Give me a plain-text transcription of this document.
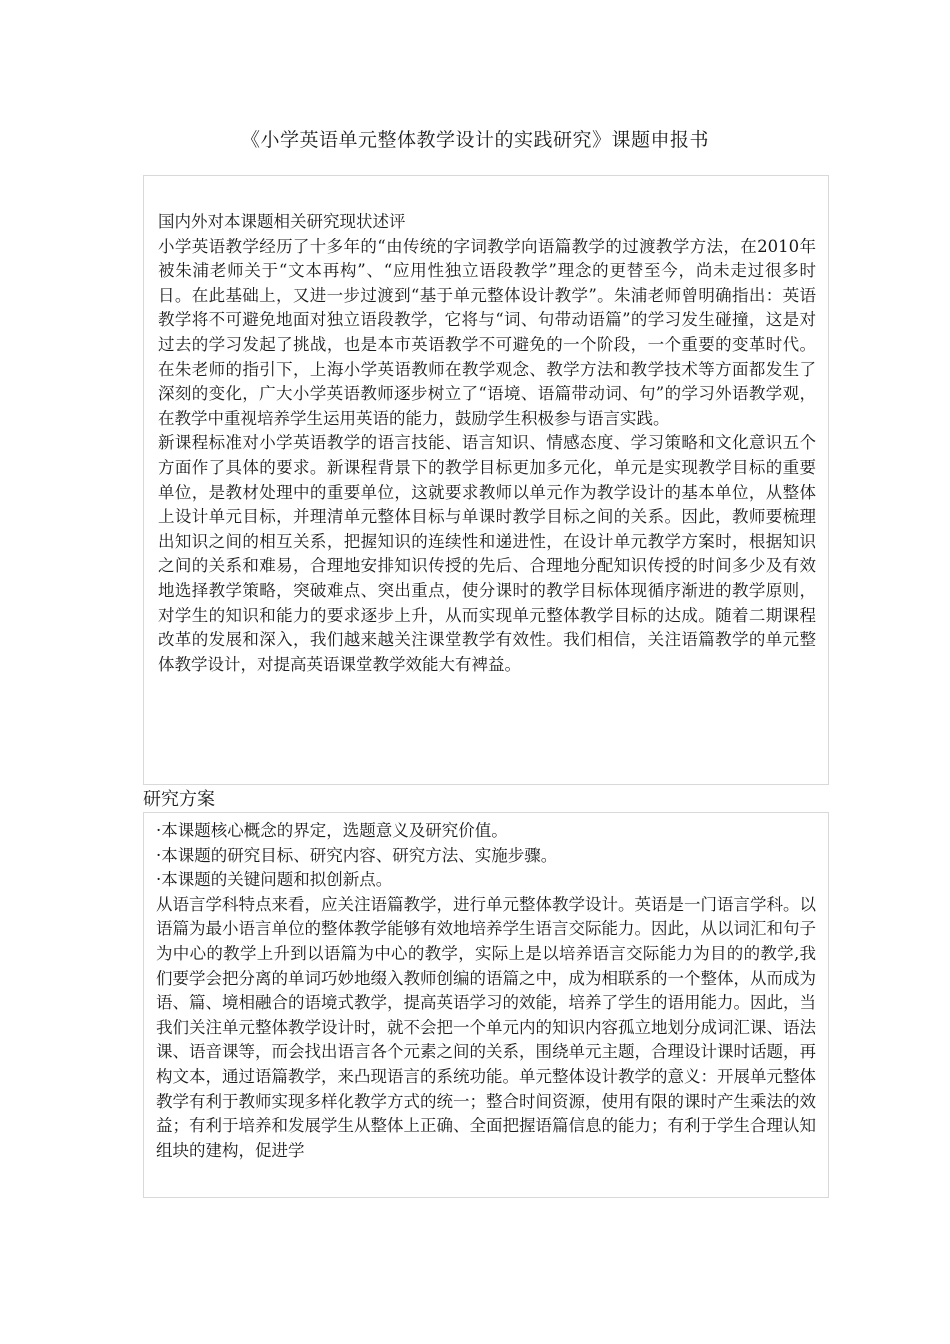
《小学英语单元整体教学设计的实践研究》课题申报书

国内外对本课题相关研究现状述评

小学英语教学经历了十多年的“由传统的字词教学向语篇教学的过渡教学方法，在2010年被朱浦老师关于“文本再构”、“应用性独立语段教学”理念的更替至今，尚未走过很多时日。在此基础上，又进一步过渡到“基于单元整体设计教学”。朱浦老师曾明确指出：英语教学将不可避免地面对独立语段教学，它将与“词、句带动语篇”的学习发生碰撞，这是对过去的学习发起了挑战，也是本市英语教学不可避免的一个阶段，一个重要的变革时代。在朱老师的指引下，上海小学英语教师在教学观念、教学方法和教学技术等方面都发生了深刻的变化，广大小学英语教师逐步树立了“语境、语篇带动词、句”的学习外语教学观，在教学中重视培养学生运用英语的能力，鼓励学生积极参与语言实践。

新课程标准对小学英语教学的语言技能、语言知识、情感态度、学习策略和文化意识五个方面作了具体的要求。新课程背景下的教学目标更加多元化，单元是实现教学目标的重要单位，是教材处理中的重要单位，这就要求教师以单元作为教学设计的基本单位，从整体上设计单元目标，并理清单元整体目标与单课时教学目标之间的关系。因此，教师要梳理出知识之间的相互关系，把握知识的连续性和递进性，在设计单元教学方案时，根据知识之间的关系和难易，合理地安排知识传授的先后、合理地分配知识传授的时间多少及有效地选择教学策略，突破难点、突出重点，使分课时的教学目标体现循序渐进的教学原则，对学生的知识和能力的要求逐步上升，从而实现单元整体教学目标的达成。随着二期课程改革的发展和深入，我们越来越关注课堂教学有效性。我们相信，关注语篇教学的单元整体教学设计，对提高英语课堂教学效能大有裨益。

研究方案

·本课题核心概念的界定，选题意义及研究价值。

·本课题的研究目标、研究内容、研究方法、实施步骤。

·本课题的关键问题和拟创新点。

从语言学科特点来看，应关注语篇教学，进行单元整体教学设计。英语是一门语言学科。以语篇为最小语言单位的整体教学能够有效地培养学生语言交际能力。因此，从以词汇和句子为中心的教学上升到以语篇为中心的教学，实际上是以培养语言交际能力为目的的教学,我们要学会把分离的单词巧妙地缀入教师创编的语篇之中，成为相联系的一个整体，从而成为语、篇、境相融合的语境式教学，提高英语学习的效能，培养了学生的语用能力。因此，当我们关注单元整体教学设计时，就不会把一个单元内的知识内容孤立地划分成词汇课、语法课、语音课等，而会找出语言各个元素之间的关系，围绕单元主题，合理设计课时话题，再构文本，通过语篇教学，来凸现语言的系统功能。单元整体设计教学的意义：开展单元整体教学有利于教师实现多样化教学方式的统一；整合时间资源，使用有限的课时产生乘法的效益；有利于培养和发展学生从整体上正确、全面把握语篇信息的能力；有利于学生合理认知组块的建构，促进学
